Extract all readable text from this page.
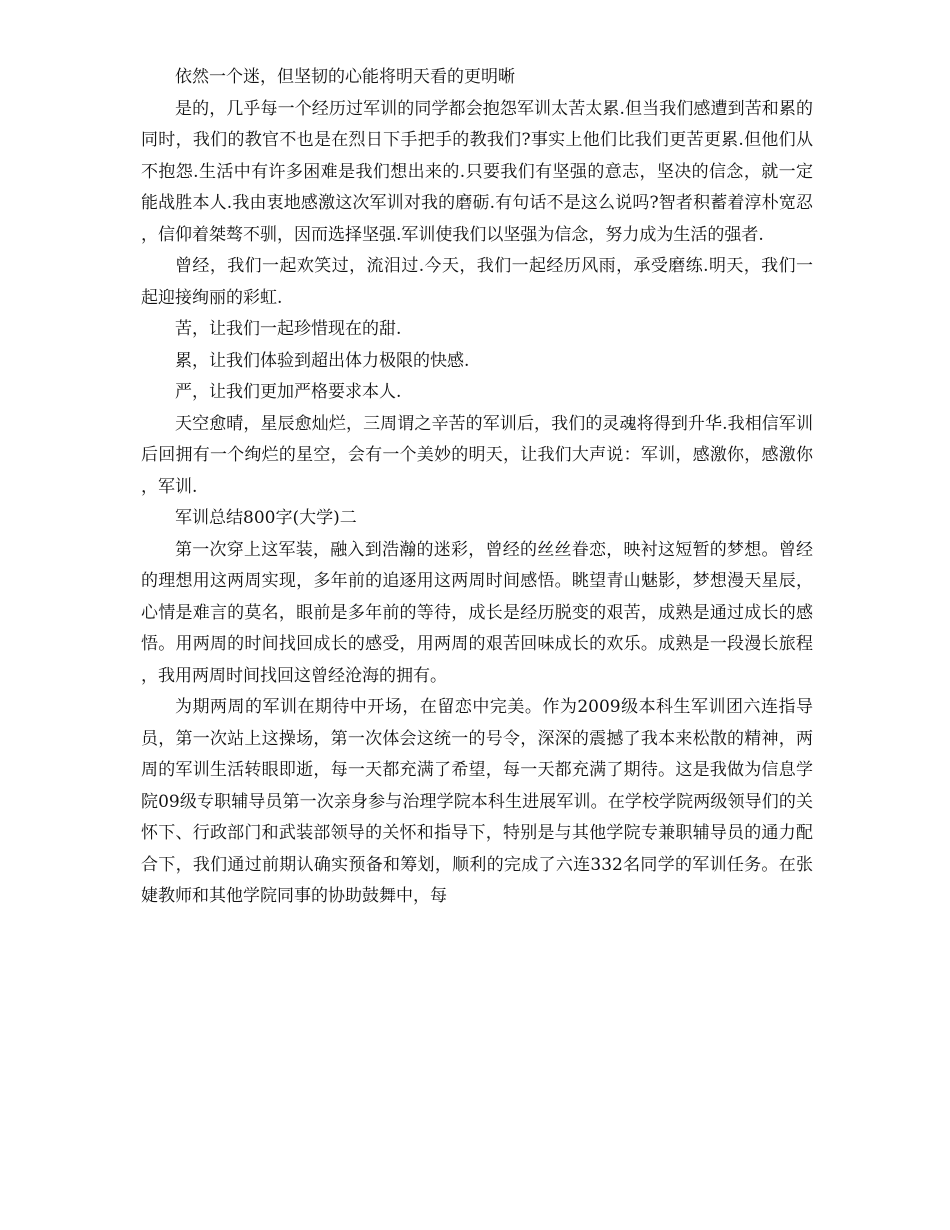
依然一个迷，但坚韧的心能将明天看的更明晰

是的，几乎每一个经历过军训的同学都会抱怨军训太苦太累.但当我们感遭到苦和累的同时，我们的教官不也是在烈日下手把手的教我们?事实上他们比我们更苦更累.但他们从不抱怨.生活中有许多困难是我们想出来的.只要我们有坚强的意志，坚决的信念，就一定能战胜本人.我由衷地感激这次军训对我的磨砺.有句话不是这么说吗?智者积蓄着淳朴宽忍，信仰着桀骜不驯，因而选择坚强.军训使我们以坚强为信念，努力成为生活的强者.

曾经，我们一起欢笑过，流泪过.今天，我们一起经历风雨，承受磨练.明天，我们一起迎接绚丽的彩虹.

苦，让我们一起珍惜现在的甜.

累，让我们体验到超出体力极限的快感.

严，让我们更加严格要求本人.

天空愈晴，星辰愈灿烂，三周谓之辛苦的军训后，我们的灵魂将得到升华.我相信军训后回拥有一个绚烂的星空，会有一个美妙的明天，让我们大声说：军训，感激你，感激你，军训.

军训总结800字(大学)二

第一次穿上这军装，融入到浩瀚的迷彩，曾经的丝丝眷恋，映衬这短暂的梦想。曾经的理想用这两周实现，多年前的追逐用这两周时间感悟。眺望青山魅影，梦想漫天星辰，心情是难言的莫名，眼前是多年前的等待，成长是经历脱变的艰苦，成熟是通过成长的感悟。用两周的时间找回成长的感受，用两周的艰苦回味成长的欢乐。成熟是一段漫长旅程，我用两周时间找回这曾经沧海的拥有。

为期两周的军训在期待中开场，在留恋中完美。作为2009级本科生军训团六连指导员，第一次站上这操场，第一次体会这统一的号令，深深的震撼了我本来松散的精神，两周的军训生活转眼即逝，每一天都充满了希望，每一天都充满了期待。这是我做为信息学院09级专职辅导员第一次亲身参与治理学院本科生进展军训。在学校学院两级领导们的关怀下、行政部门和武装部领导的关怀和指导下，特别是与其他学院专兼职辅导员的通力配合下，我们通过前期认确实预备和筹划，顺利的完成了六连332名同学的军训任务。在张婕教师和其他学院同事的协助鼓舞中，每
